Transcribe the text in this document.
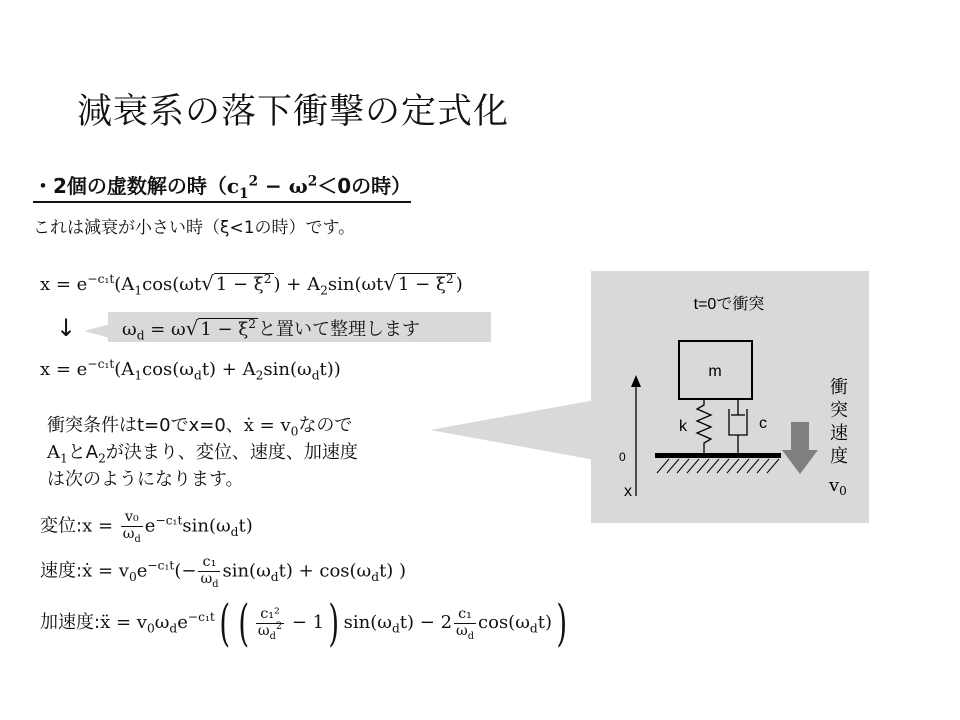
減衰系の落下衝撃の定式化
・2個の虚数解の時（$c_1^2 - \omega^2<0$の時）
これは減衰が小さい時（ξ<1の時）です。
$x = e^{-c_1t}(A_1\cos(\omega t√$ $1 - \xi^2$ ) + $A_2\sin(\omega t√$ $1 - \xi^2$ )
↓	$\omega_d = \omega√$ $1 - \xi^2$ と置いて整理します
$x = e^{-c_1t}(A_1\cos(\omega_dt) + A_2\sin(\omega_dt))$
衝突条件はt=0でx=0、ẋ = $v_0$なので
$A_1$と$A_2$が決まり、変位、速度、加速度
は次のようになります。
変位:x = $\frac{\text{v₀}}{\omega_d} e^{-c_1t}\sin(\omega_dt)$
速度:ẋ = $v_0e^{-c_1t}(- \frac{\text{c₁}}{\omega_d} \sin(\omega_dt) + \cos(\omega_dt)$ )
加速度:ẍ = $v_0\omega_de^{-c_1t}$( ( $\frac{\text{c₁²}}{\omega_d^2} - 1$) $\sin(\omega_dt) - 2 \frac{\text{c₁}}{\omega_d} \cos(\omega_dt)$)
t=0で衝突
m
k	c
0
x
衝
突
速
度
$v_0$
